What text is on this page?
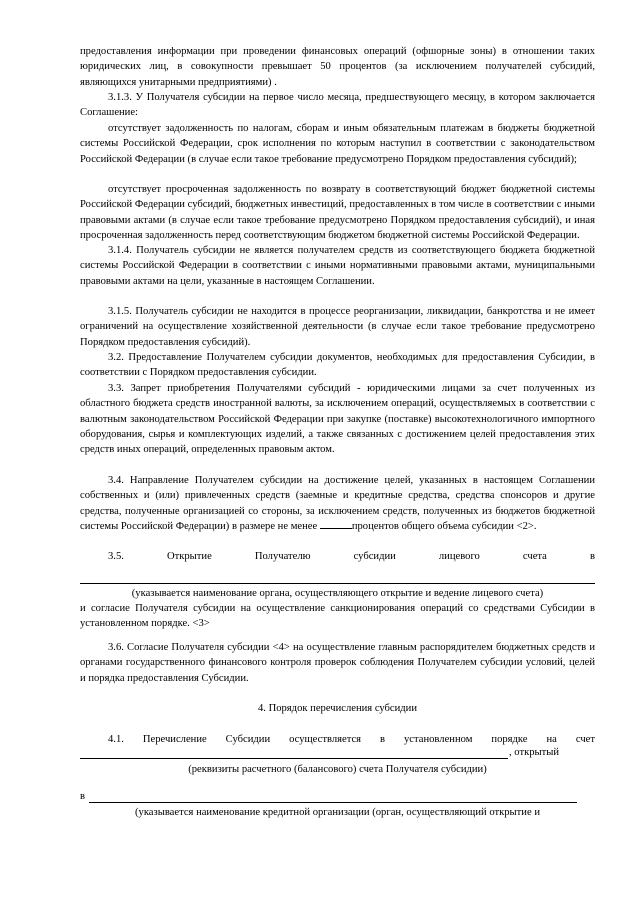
предоставления информации при проведении финансовых операций (офшорные зоны) в отношении таких юридических лиц, в совокупности превышает 50 процентов (за исключением получателей субсидий, являющихся унитарными предприятиями) .

3.1.3. У Получателя субсидии на первое число месяца, предшествующего месяцу, в котором заключается Соглашение:

отсутствует задолженность по налогам, сборам и иным обязательным платежам в бюджеты бюджетной системы Российской Федерации, срок исполнения по которым наступил в соответствии с законодательством Российской Федерации (в случае если такое требование предусмотрено Порядком предоставления субсидий);

отсутствует просроченная задолженность по возврату в соответствующий бюджет бюджетной системы Российской Федерации субсидий, бюджетных инвестиций, предоставленных в том числе в соответствии с иными правовыми актами (в случае если такое требование предусмотрено Порядком предоставления субсидий), и иная просроченная задолженность перед соответствующим бюджетом бюджетной системы Российской Федерации.

3.1.4. Получатель субсидии не является получателем средств из соответствующего бюджета бюджетной системы Российской Федерации в соответствии с иными нормативными правовыми актами, муниципальными правовыми актами на цели, указанные в настоящем Соглашении.

3.1.5. Получатель субсидии не находится в процессе реорганизации, ликвидации, банкротства и не имеет ограничений на осуществление хозяйственной деятельности (в случае если такое требование предусмотрено Порядком предоставления субсидий).

3.2. Предоставление Получателем субсидии документов, необходимых для предоставления Субсидии, в соответствии с Порядком предоставления субсидии.

3.3. Запрет приобретения Получателями субсидий - юридическими лицами за счет полученных из областного бюджета средств иностранной валюты, за исключением операций, осуществляемых в соответствии с валютным законодательством Российской Федерации при закупке (поставке) высокотехнологичного импортного оборудования, сырья и комплектующих изделий, а также связанных с достижением целей предоставления этих средств иных операций, определенных правовым актом.

3.4. Направление Получателем субсидии на достижение целей, указанных в настоящем Соглашении собственных и (или) привлеченных средств (заемные и кредитные средства, средства спонсоров и другие средства, полученные организацией со стороны, за исключением средств, полученных из бюджетов бюджетной системы Российской Федерации) в размере не менее	процентов общего объема субсидии <2>.

3.5.	Открытие	Получателю	субсидии	лицевого	счета	в
(указывается наименование органа, осуществляющего открытие и ведение лицевого счета)

и согласие Получателя субсидии на осуществление санкционирования операций со средствами Субсидии в установленном порядке. <3>

3.6. Согласие Получателя субсидии <4> на осуществление главным распорядителем бюджетных средств и органами государственного финансового контроля проверок соблюдения Получателем субсидии условий, целей и порядка предоставления Субсидии.

4. Порядок перечисления субсидии

4.1. Перечисление Субсидии осуществляется в установленном порядке на счет

, открытый
(реквизиты расчетного (балансового) счета Получателя субсидии)
в
(указывается наименование кредитной организации (орган, осуществляющий открытие и
